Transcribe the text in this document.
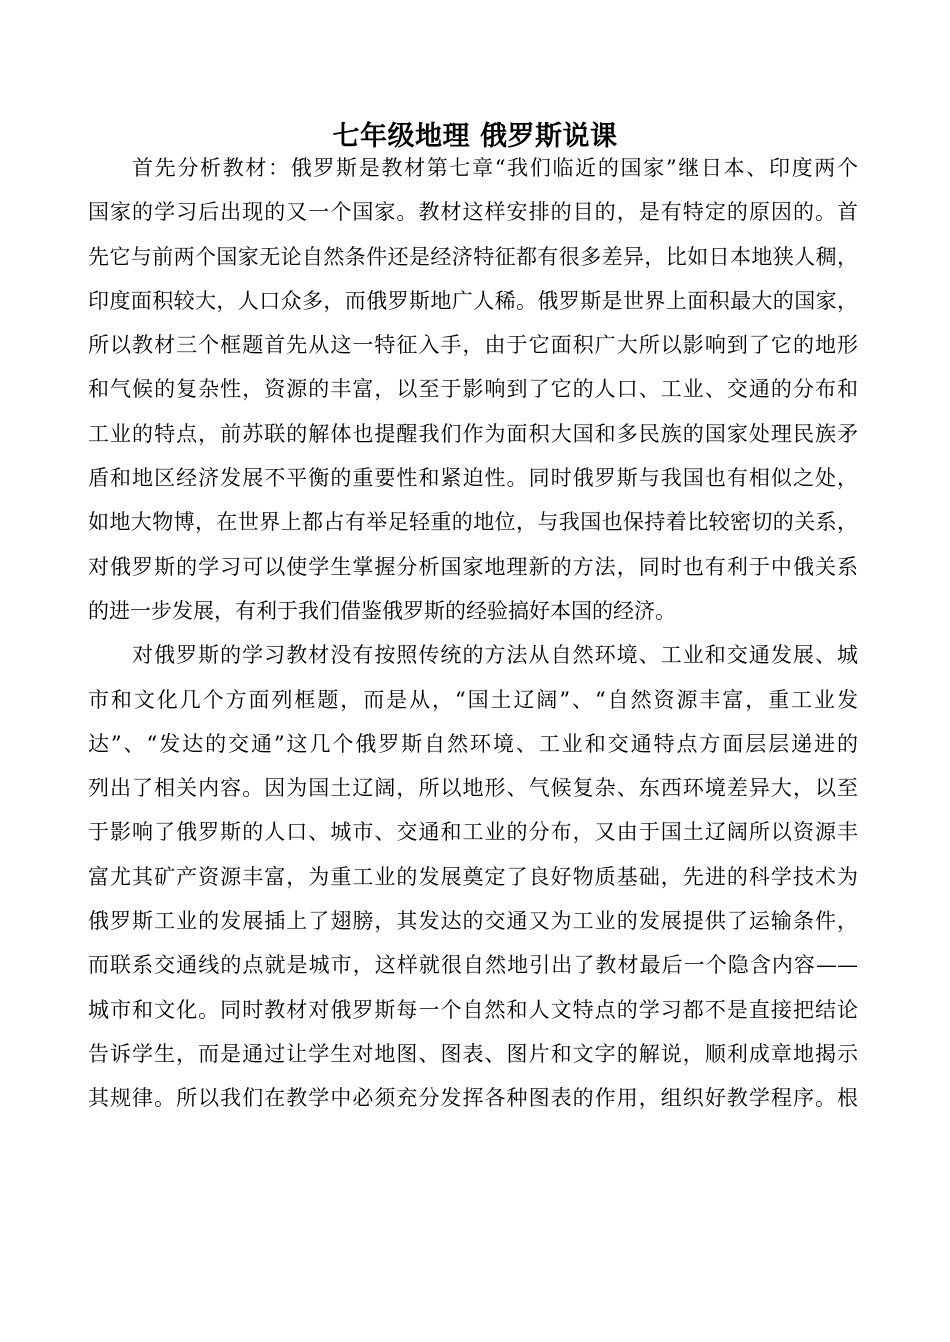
七年级地理 俄罗斯说课
首先分析教材：俄罗斯是教材第七章“我们临近的国家”继日本、印度两个
国家的学习后出现的又一个国家。教材这样安排的目的，是有特定的原因的。首
先它与前两个国家无论自然条件还是经济特征都有很多差异，比如日本地狭人稠，
印度面积较大，人口众多，而俄罗斯地广人稀。俄罗斯是世界上面积最大的国家，
所以教材三个框题首先从这一特征入手，由于它面积广大所以影响到了它的地形
和气候的复杂性，资源的丰富，以至于影响到了它的人口、工业、交通的分布和
工业的特点，前苏联的解体也提醒我们作为面积大国和多民族的国家处理民族矛
盾和地区经济发展不平衡的重要性和紧迫性。同时俄罗斯与我国也有相似之处，
如地大物博，在世界上都占有举足轻重的地位，与我国也保持着比较密切的关系，
对俄罗斯的学习可以使学生掌握分析国家地理新的方法，同时也有利于中俄关系
的进一步发展，有利于我们借鉴俄罗斯的经验搞好本国的经济。
对俄罗斯的学习教材没有按照传统的方法从自然环境、工业和交通发展、城
市和文化几个方面列框题，而是从，“国土辽阔”、“自然资源丰富，重工业发
达”、“发达的交通”这几个俄罗斯自然环境、工业和交通特点方面层层递进的
列出了相关内容。因为国土辽阔，所以地形、气候复杂、东西环境差异大，以至
于影响了俄罗斯的人口、城市、交通和工业的分布，又由于国土辽阔所以资源丰
富尤其矿产资源丰富，为重工业的发展奠定了良好物质基础，先进的科学技术为
俄罗斯工业的发展插上了翅膀，其发达的交通又为工业的发展提供了运输条件，
而联系交通线的点就是城市，这样就很自然地引出了教材最后一个隐含内容——
城市和文化。同时教材对俄罗斯每一个自然和人文特点的学习都不是直接把结论
告诉学生，而是通过让学生对地图、图表、图片和文字的解说，顺利成章地揭示
其规律。所以我们在教学中必须充分发挥各种图表的作用，组织好教学程序。根
